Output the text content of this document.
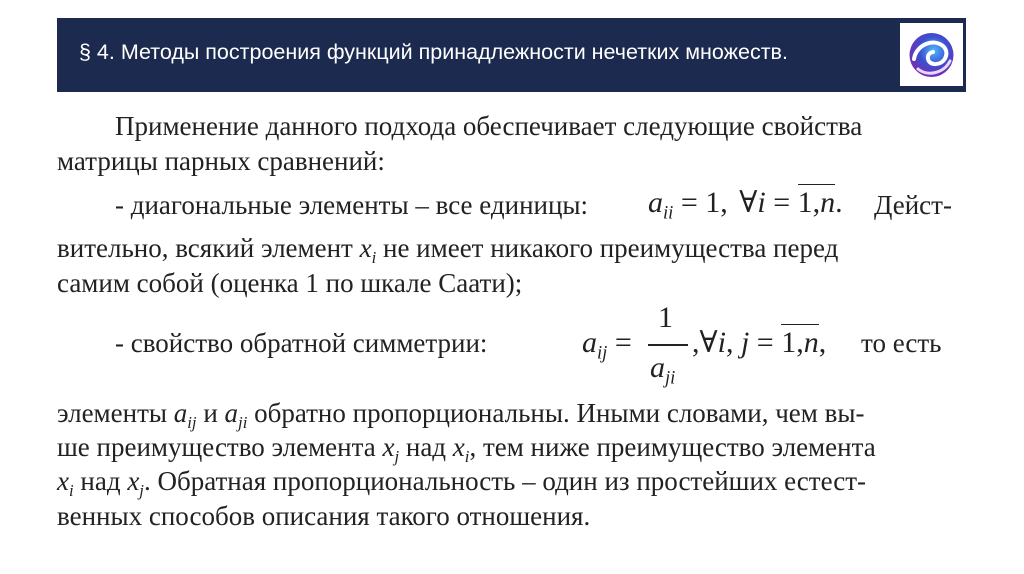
§ 4. Методы построения функций принадлежности нечетких множеств.
Применение данного подхода обеспечивает следующие свойства
матрицы парных сравнений:
- диагональные элементы – все единицы: $a_{ii} = 1$, ∀i = 1,n. Дейст-
вительно, всякий элемент $x_i$ не имеет никакого преимущества перед
самим собой (оценка 1 по шкале Саати);
- свойство обратной симметрии:	$a_{ij}$ =
1
$a_{ji}$
,∀i, j = 1,n, то есть
элементы $a_{ij}$ и $a_{ji}$ обратно пропорциональны. Иными словами, чем вы-
ше преимущество элемента $x_j$ над $x_i$, тем ниже преимущество элемента
$x_i$ над $x_j$. Обратная пропорциональность – один из простейших естест-
венных способов описания такого отношения.
